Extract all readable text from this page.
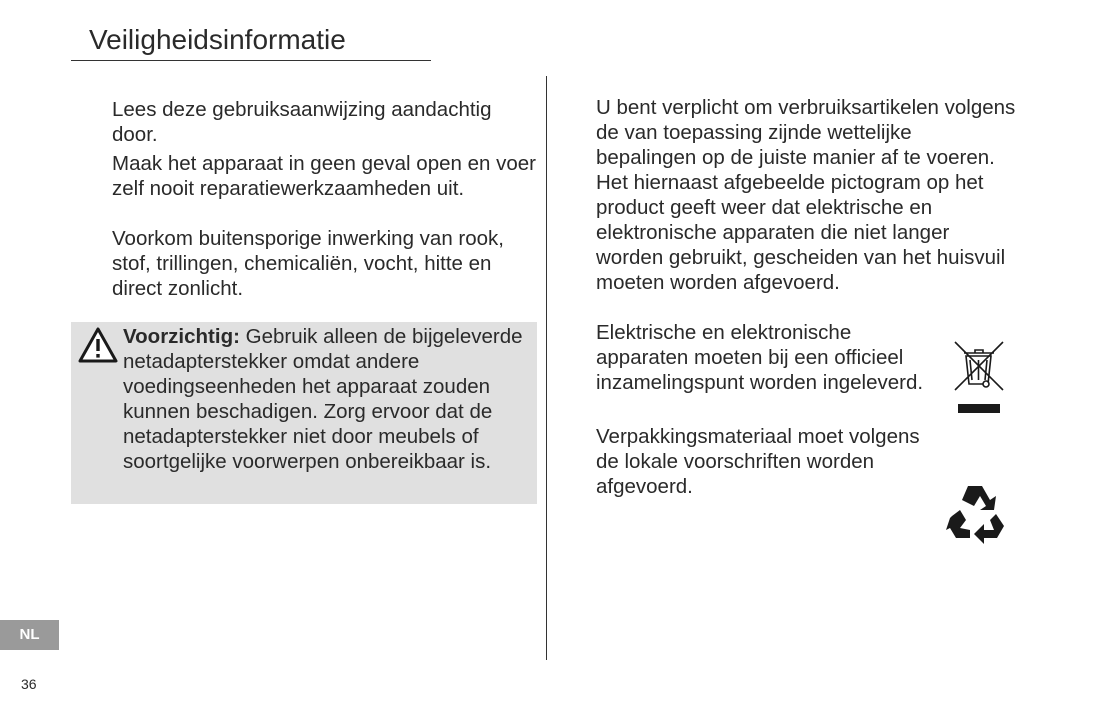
Veiligheidsinformatie

Lees deze gebruiksaanwijzing aandachtig door.

Maak het apparaat in geen geval open en voer zelf nooit reparatiewerkzaamheden uit.

Voorkom buitensporige inwerking van rook, stof, trillingen, chemicaliën, vocht, hitte en direct zonlicht.

Voorzichtig: Gebruik alleen de bijgeleverde netadapterstekker omdat andere voedingseenheden het apparaat zouden kunnen beschadigen. Zorg ervoor dat de netadapterstekker niet door meubels of soortgelijke voorwerpen onbereikbaar is.

U bent verplicht om verbruiksartikelen volgens de van toepassing zijnde wettelijke bepalingen op de juiste manier af te voeren. Het hiernaast afgebeelde pictogram op het product geeft weer dat elektrische en elektronische apparaten die niet langer worden gebruikt, gescheiden van het huisvuil moeten worden afgevoerd.

Elektrische en elektronische apparaten moeten bij een officieel inzamelingspunt worden ingeleverd.

Verpakkingsmateriaal moet volgens de lokale voorschriften worden afgevoerd.

NL
36
